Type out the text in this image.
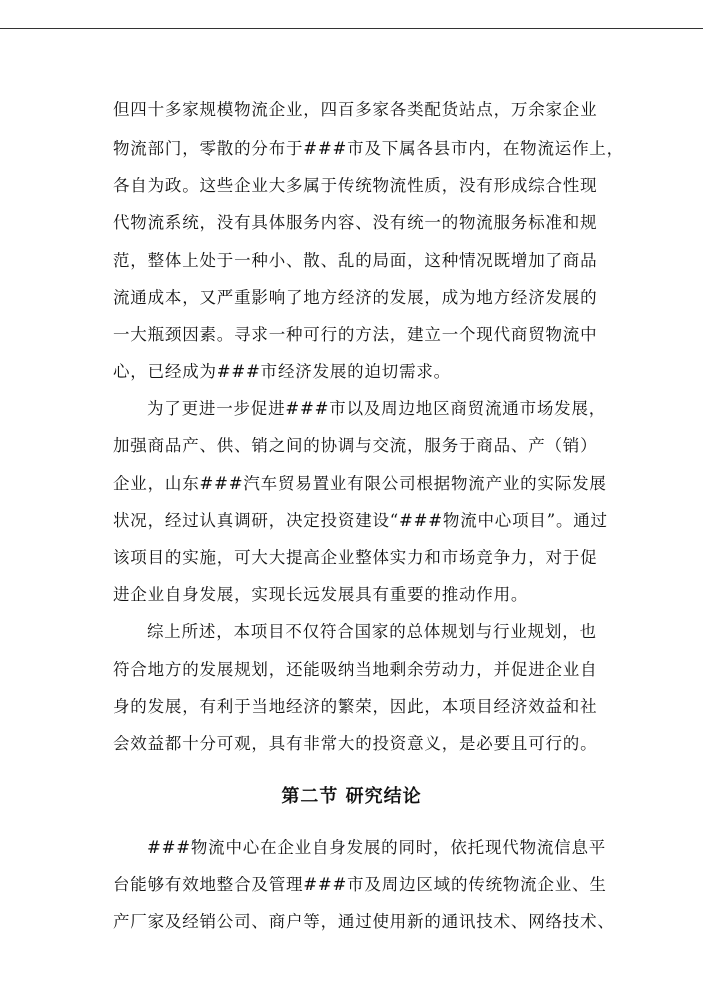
但四十多家规模物流企业，四百多家各类配货站点，万余家企业
物流部门，零散的分布于###市及下属各县市内，在物流运作上，
各自为政。这些企业大多属于传统物流性质，没有形成综合性现
代物流系统，没有具体服务内容、没有统一的物流服务标准和规
范，整体上处于一种小、散、乱的局面，这种情况既增加了商品
流通成本，又严重影响了地方经济的发展，成为地方经济发展的
一大瓶颈因素。寻求一种可行的方法，建立一个现代商贸物流中
心，已经成为###市经济发展的迫切需求。
为了更进一步促进###市以及周边地区商贸流通市场发展，
加强商品产、供、销之间的协调与交流，服务于商品、产（销）
企业，山东###汽车贸易置业有限公司根据物流产业的实际发展
状况，经过认真调研，决定投资建设“###物流中心项目”。通过
该项目的实施，可大大提高企业整体实力和市场竞争力，对于促
进企业自身发展，实现长远发展具有重要的推动作用。
综上所述，本项目不仅符合国家的总体规划与行业规划，也
符合地方的发展规划，还能吸纳当地剩余劳动力，并促进企业自
身的发展，有利于当地经济的繁荣，因此，本项目经济效益和社
会效益都十分可观，具有非常大的投资意义，是必要且可行的。
第二节 研究结论
###物流中心在企业自身发展的同时，依托现代物流信息平
台能够有效地整合及管理###市及周边区域的传统物流企业、生
产厂家及经销公司、商户等，通过使用新的通讯技术、网络技术、
